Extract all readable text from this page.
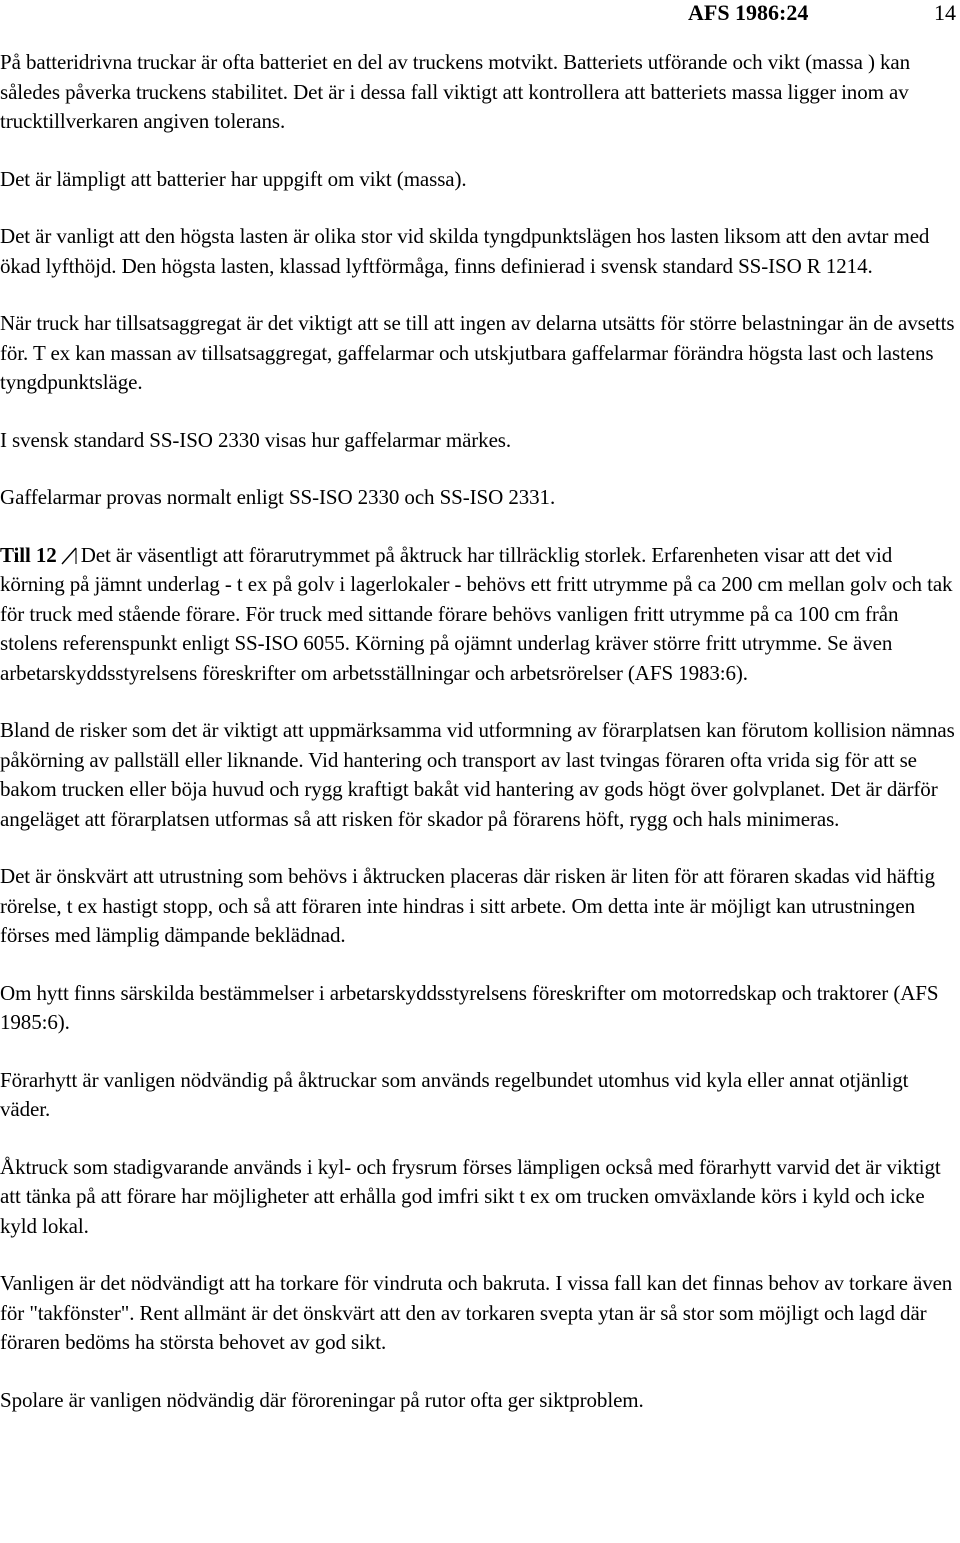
AFS 1986:24	14

På batteridrivna truckar är ofta batteriet en del av truckens motvikt. Batteriets utförande och vikt (massa ) kan således påverka truckens stabilitet. Det är i dessa fall viktigt att kontrollera att batteriets massa ligger inom av trucktillverkaren angiven tolerans.

Det är lämpligt att batterier har uppgift om vikt (massa).

Det är vanligt att den högsta lasten är olika stor vid skilda tyngdpunktslägen hos lasten liksom att den avtar med ökad lyfthöjd. Den högsta lasten, klassad lyftförmåga, finns definierad i svensk standard SS-ISO R 1214.

När truck har tillsatsaggregat är det viktigt att se till att ingen av delarna utsätts för större belastningar än de avsetts för. T ex kan massan av tillsatsaggregat, gaffelarmar och utskjutbara gaffelarmar förändra högsta last och lastens tyngdpunktsläge.

I svensk standard SS-ISO 2330 visas hur gaffelarmar märkes.

Gaffelarmar provas normalt enligt SS-ISO 2330 och SS-ISO 2331.

Till 12 Det är väsentligt att förarutrymmet på åktruck har tillräcklig storlek. Erfarenheten visar att det vid körning på jämnt underlag - t ex på golv i lagerlokaler - behövs ett fritt utrymme på ca 200 cm mellan golv och tak för truck med stående förare. För truck med sittande förare behövs vanligen fritt utrymme på ca 100 cm från stolens referenspunkt enligt SS-ISO 6055. Körning på ojämnt underlag kräver större fritt utrymme. Se även arbetarskyddsstyrelsens föreskrifter om arbetsställningar och arbetsrörelser (AFS 1983:6).

Bland de risker som det är viktigt att uppmärksamma vid utformning av förarplatsen kan förutom kollision nämnas påkörning av pallställ eller liknande. Vid hantering och transport av last tvingas föraren ofta vrida sig för att se bakom trucken eller böja huvud och rygg kraftigt bakåt vid hantering av gods högt över golvplanet. Det är därför angeläget att förarplatsen utformas så att risken för skador på förarens höft, rygg och hals minimeras.

Det är önskvärt att utrustning som behövs i åktrucken placeras där risken är liten för att föraren skadas vid häftig rörelse, t ex hastigt stopp, och så att föraren inte hindras i sitt arbete. Om detta inte är möjligt kan utrustningen förses med lämplig dämpande beklädnad.

Om hytt finns särskilda bestämmelser i arbetarskyddsstyrelsens föreskrifter om motorredskap och traktorer (AFS 1985:6).

Förarhytt är vanligen nödvändig på åktruckar som används regelbundet utomhus vid kyla eller annat otjänligt väder.

Åktruck som stadigvarande används i kyl- och frysrum förses lämpligen också med förarhytt varvid det är viktigt att tänka på att förare har möjligheter att erhålla god imfri sikt t ex om trucken omväxlande körs i kyld och icke kyld lokal.

Vanligen är det nödvändigt att ha torkare för vindruta och bakruta. I vissa fall kan det finnas behov av torkare även för "takfönster". Rent allmänt är det önskvärt att den av torkaren svepta ytan är så stor som möjligt och lagd där föraren bedöms ha största behovet av god sikt.

Spolare är vanligen nödvändig där föroreningar på rutor ofta ger siktproblem.
